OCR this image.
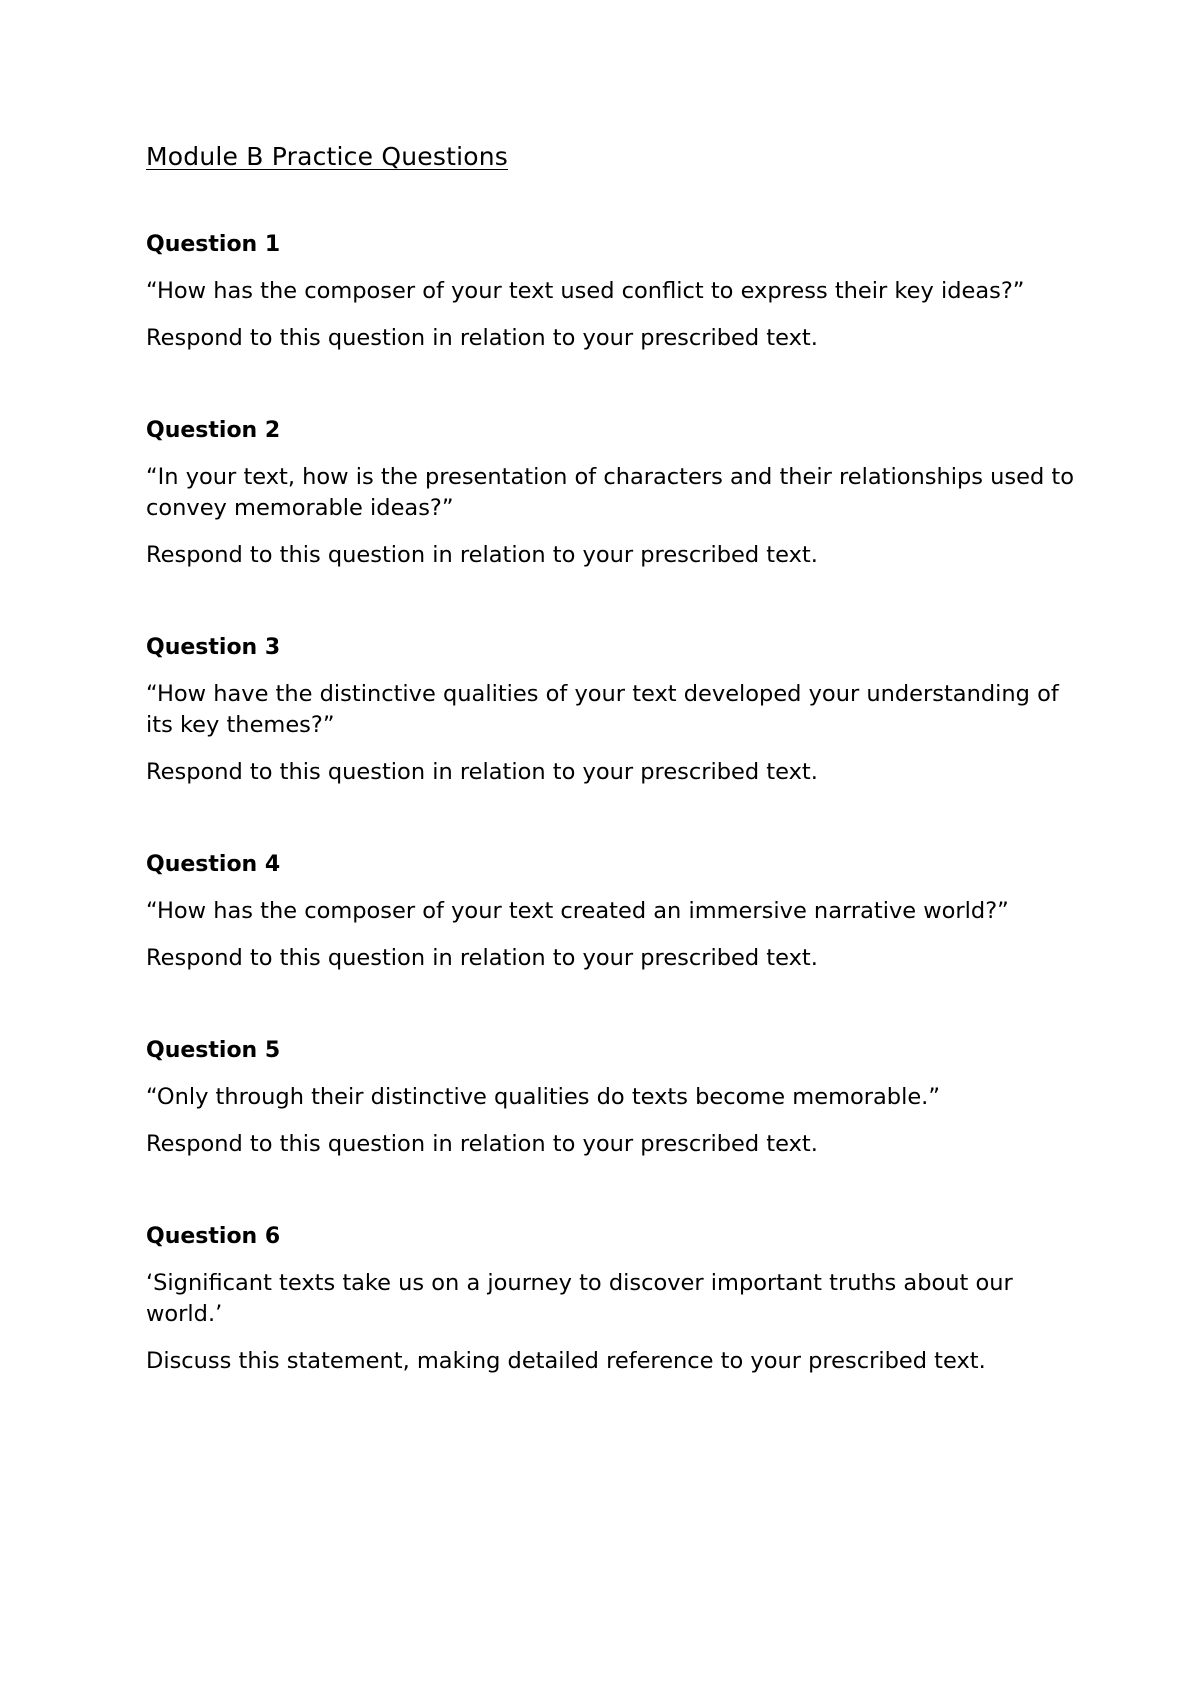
Module B Practice Questions
Question 1

“How has the composer of your text used conflict to express their key ideas?”

Respond to this question in relation to your prescribed text.

Question 2

“In your text, how is the presentation of characters and their relationships used to convey memorable ideas?”

Respond to this question in relation to your prescribed text.

Question 3

“How have the distinctive qualities of your text developed your understanding of its key themes?”

Respond to this question in relation to your prescribed text.

Question 4

“How has the composer of your text created an immersive narrative world?”

Respond to this question in relation to your prescribed text.

Question 5

“Only through their distinctive qualities do texts become memorable.”

Respond to this question in relation to your prescribed text.

Question 6

‘Significant texts take us on a journey to discover important truths about our world.’

Discuss this statement, making detailed reference to your prescribed text.
